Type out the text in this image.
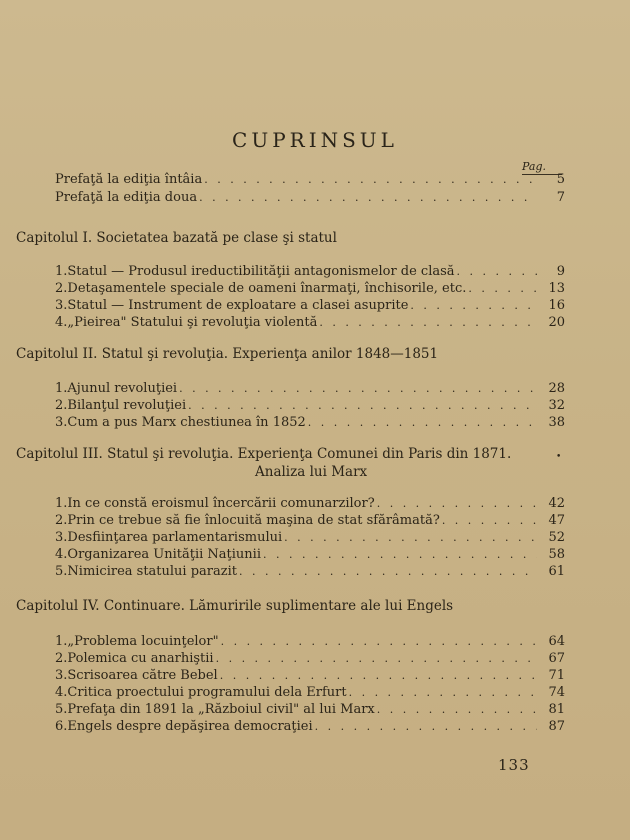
CUPRINSUL
Pag.
Prefaţă la ediţia întâia . . .	5
Prefaţă la ediţia doua . . .	7
Capitolul I. Societatea bazată pe clase şi statul
1. Statul — Produsul ireductibilităţii antagonismelor de clasă . . .	9
2. Detaşamentele speciale de oameni înarmaţi, închisorile, etc. . . .	13
3. Statul — Instrument de exploatare a clasei asuprite . . .	16
4. „Pieirea" Statului şi revoluţia violentă . . .	20
Capitolul II. Statul şi revoluţia. Experienţa anilor 1848—1851
1. Ajunul revoluţiei . . .	28
2. Bilanţul revoluţiei . . .	32
3. Cum a pus Marx chestiunea în 1852 . . .	38
Capitolul III. Statul şi revoluţia. Experienţa Comunei din Paris din 1871.
Analiza lui Marx
•
1. In ce constă eroismul încercării comunarzilor? . . .	42
2. Prin ce trebue să fie înlocuită maşina de stat sfărâmată? . . .	47
3. Desfiinţarea parlamentarismului . . .	52
4. Organizarea Unităţii Naţiunii . . .	58
5. Nimicirea statului parazit . . .	61
Capitolul IV. Continuare. Lămuririle suplimentare ale lui Engels
1. „Problema locuinţelor" . . .	64
2. Polemica cu anarhiştii . . .	67
3. Scrisoarea către Bebel . . .	71
4. Critica proectului programului dela Erfurt . . .	74
5. Prefaţa din 1891 la „Războiul civil" al lui Marx . . .	81
6. Engels despre depăşirea democraţiei . . .	87
133
